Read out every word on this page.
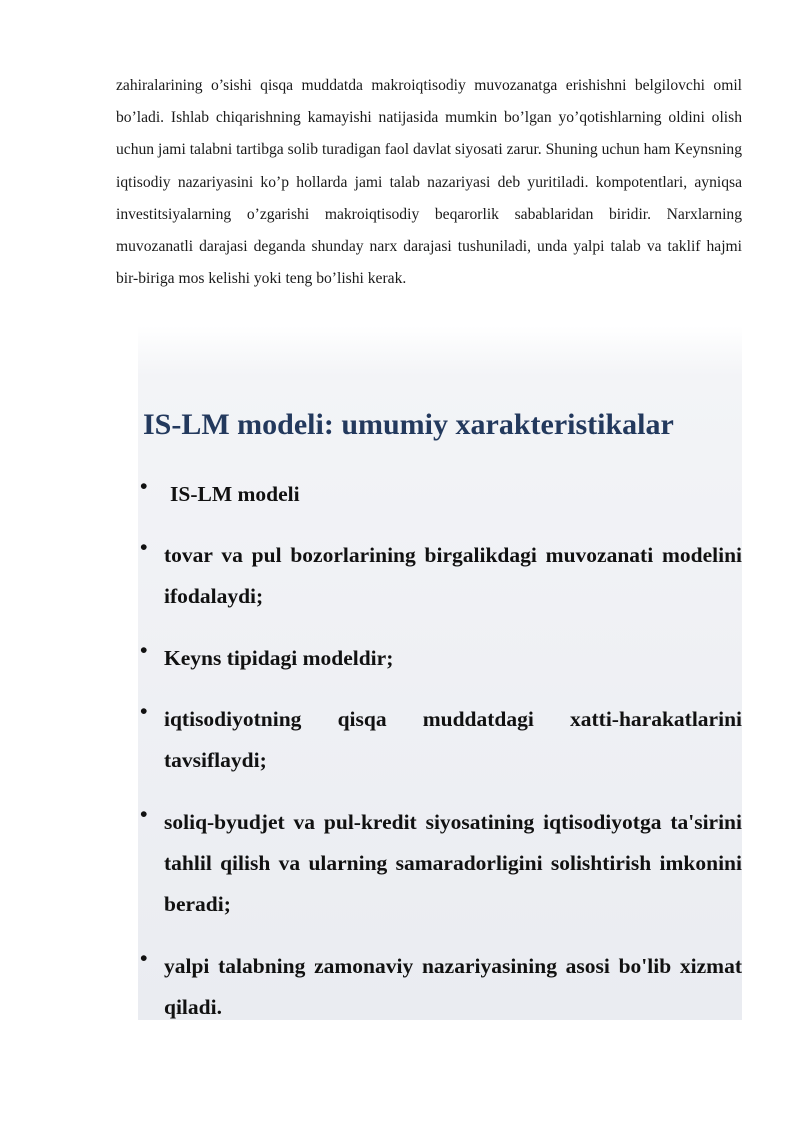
zahiralarining o’sishi qisqa muddatda makroiqtisodiy muvozanatga erishishni belgilovchi omil bo’ladi. Ishlab chiqarishning kamayishi natijasida mumkin bo’lgan yo’qotishlarning oldini olish uchun jami talabni tartibga solib turadigan faol davlat siyosati zarur. Shuning uchun ham Keynsning iqtisodiy nazariyasini ko’p hollarda jami talab nazariyasi deb yuritiladi. kompotentlari, ayniqsa investitsiyalarning o’zgarishi makroiqtisodiy beqarorlik sabablaridan biridir. Narxlarning muvozanatli darajasi deganda shunday narx darajasi tushuniladi, unda yalpi talab va taklif hajmi bir-biriga mos kelishi yoki teng bo’lishi kerak.

IS-LM modeli: umumiy xarakteristikalar
•	IS-LM modeli
• tovar va pul bozorlarining birgalikdagi muvozanati modelini ifodalaydi;
• Keyns tipidagi modeldir;
• iqtisodiyotning qisqa muddatdagi xatti-harakatlarini tavsiflaydi;
• soliq-byudjet va pul-kredit siyosatining iqtisodiyotga ta'sirini tahlil qilish va ularning samaradorligini solishtirish imkonini beradi;
• yalpi talabning zamonaviy nazariyasining asosi bo'lib xizmat qiladi.
